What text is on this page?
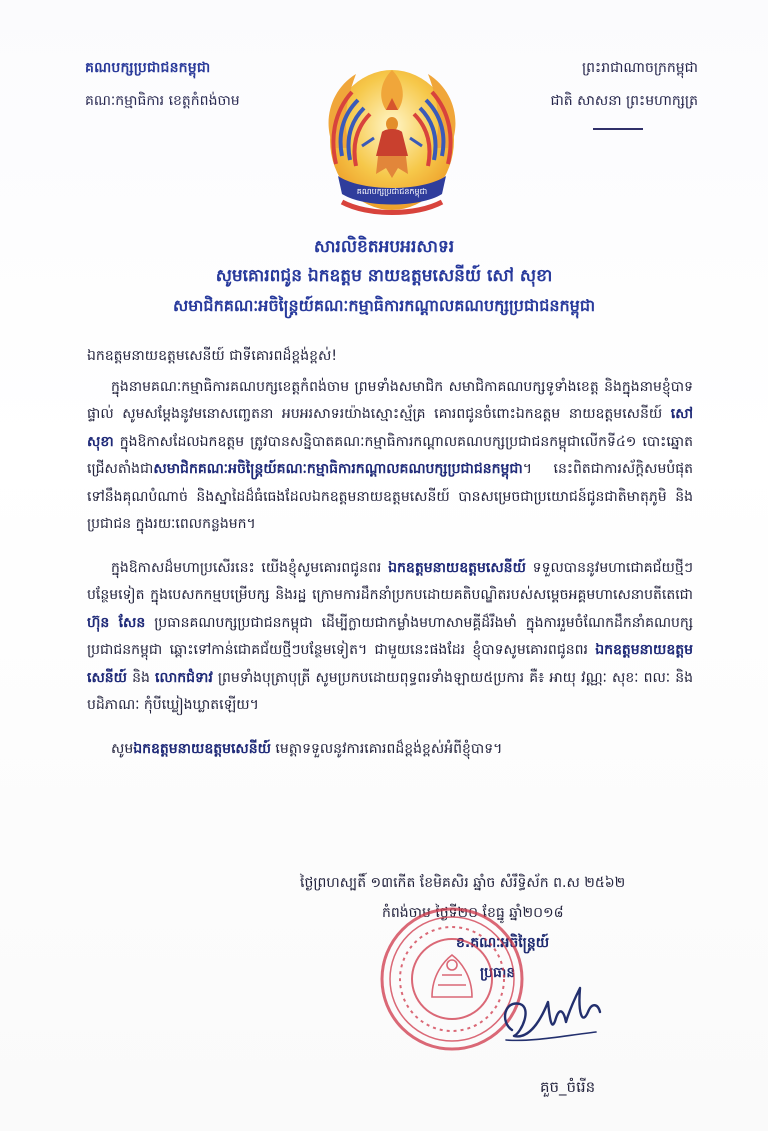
គណបក្សប្រជាជនកម្ពុជា
គណៈកម្មាធិការ ខេត្តកំពង់ចាម
គណបក្សប្រជាជនកម្ពុជា
ព្រះរាជាណាចក្រកម្ពុជា
ជាតិ សាសនា ព្រះមហាក្សត្រ
សារលិខិតអបអរសាទរ
សូមគោរពជូន ឯកឧត្តម នាយឧត្តមសេនីយ៍ សៅ សុខា
សមាជិកគណៈអចិន្ត្រៃយ៍គណៈកម្មាធិការកណ្តាលគណបក្សប្រជាជនកម្ពុជា

ឯកឧត្តមនាយឧត្តមសេនីយ៍ ជាទីគោរពដ៏ខ្ពង់ខ្ពស់!

ក្នុងនាមគណៈកម្មាធិការគណបក្សខេត្តកំពង់ចាម ព្រមទាំងសមាជិក សមាជិកាគណបក្សទូទាំងខេត្ត និងក្នុងនាមខ្ញុំបាទផ្ទាល់ សូមសម្តែងនូវមនោសញ្ចេតនា អបអរសាទរយ៉ាងស្មោះស្ម័គ្រ គោរពជូនចំពោះឯកឧត្តម នាយឧត្តមសេនីយ៍ សៅ សុខា ក្នុងឱកាសដែលឯកឧត្តម ត្រូវបានសន្និបាតគណៈកម្មាធិការកណ្តាលគណបក្សប្រជាជនកម្ពុជាលើកទី៤១ បោះឆ្នោតជ្រើសតាំងជាសមាជិកគណៈអចិន្ត្រៃយ៍គណៈកម្មាធិការកណ្តាលគណបក្សប្រជាជនកម្ពុជា។ នេះពិតជាការស័ក្តិសមបំផុតទៅនឹងគុណបំណាច់ និងស្នាដៃដ៏ធំធេងដែលឯកឧត្តមនាយឧត្តមសេនីយ៍ បានសម្រេចជាប្រយោជន៍ជូនជាតិមាតុភូមិ និងប្រជាជន ក្នុងរយៈពេលកន្លងមក។

ក្នុងឱកាសដ៏មហាប្រសើរនេះ យើងខ្ញុំសូមគោរពជូនពរ ឯកឧត្តមនាយឧត្តមសេនីយ៍ ទទួលបាននូវមហាជោគជ័យថ្មីៗបន្ថែមទៀត ក្នុងបេសកកម្មបម្រើបក្ស និងរដ្ឋ ក្រោមការដឹកនាំប្រកបដោយគតិបណ្ឌិតរបស់សម្តេចអគ្គមហាសេនាបតីតេជោ ហ៊ុន សែន ប្រធានគណបក្សប្រជាជនកម្ពុជា ដើម្បីក្លាយជាកម្លាំងមហាសាមគ្គីដ៏រឹងមាំ ក្នុងការរួមចំណែកដឹកនាំគណបក្សប្រជាជនកម្ពុជា ឆ្ពោះទៅកាន់ជោគជ័យថ្មីៗបន្ថែមទៀត។ ជាមួយនេះផងដែរ ខ្ញុំបាទសូមគោរពជូនពរ ឯកឧត្តមនាយឧត្តមសេនីយ៍ និង លោកជំទាវ ព្រមទាំងបុត្រាបុត្រី សូមប្រកបដោយពុទ្ធពរទាំងឡាយ៥ប្រការ គឺ៖ អាយុ វណ្ណៈ សុខៈ ពលៈ និងបដិភាណៈ កុំបីឃ្លៀងឃ្លាតឡើយ។

សូមឯកឧត្តមនាយឧត្តមសេនីយ៍ មេត្តាទទួលនូវការគោរពដ៏ខ្ពង់ខ្ពស់អំពីខ្ញុំបាទ។

ថ្ងៃព្រហស្បតិ៍ ១៣កើត ខែមិគសិរ ឆ្នាំច សំរឹទ្ធិស័ក ព.ស ២៥៦២
កំពង់ចាម ថ្ងៃទី២០ ខែធ្នូ ឆ្នាំ២០១៨
ខ.គណៈអចិន្ត្រៃយ៍
ប្រធាន
គួច_ចំរើន
